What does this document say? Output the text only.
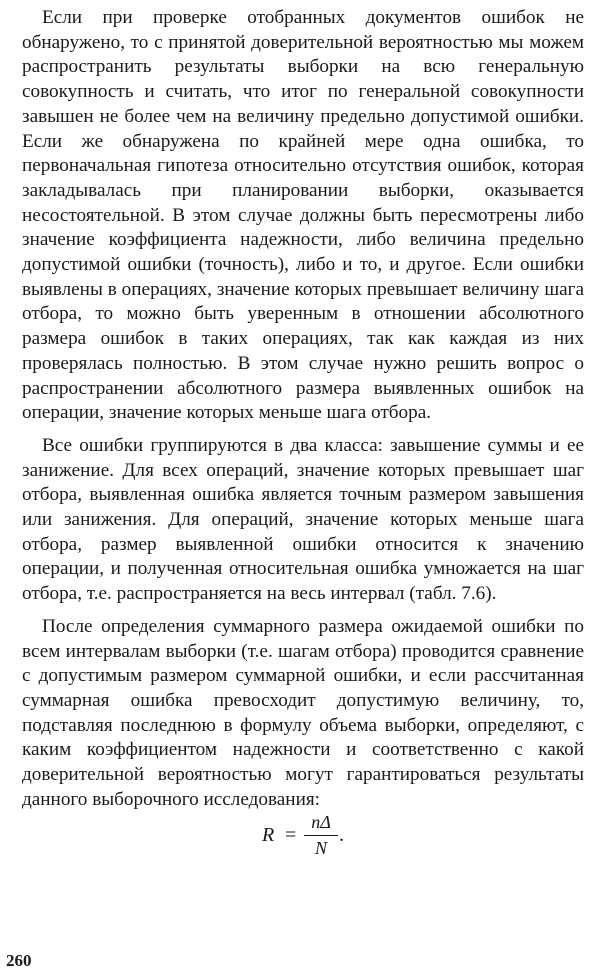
Если при проверке отобранных документов ошибок не обнаружено, то с принятой доверительной вероятностью мы можем распространить результаты выборки на всю генеральную совокупность и считать, что итог по генеральной совокупности завышен не более чем на величину предельно допустимой ошибки. Если же обнаружена по крайней мере одна ошибка, то первоначальная гипотеза относительно отсутствия ошибок, которая закладывалась при планировании выборки, оказывается несостоятельной. В этом случае должны быть пересмотрены либо значение коэффициента надежности, либо величина предельно допустимой ошибки (точность), либо и то, и другое. Если ошибки выявлены в операциях, значение которых превышает величину шага отбора, то можно быть уверенным в отношении абсолютного размера ошибок в таких операциях, так как каждая из них проверялась полностью. В этом случае нужно решить вопрос о распространении абсолютного размера выявленных ошибок на операции, значение которых меньше шага отбора.

Все ошибки группируются в два класса: завышение суммы и ее занижение. Для всех операций, значение которых превышает шаг отбора, выявленная ошибка является точным размером завышения или занижения. Для операций, значение которых меньше шага отбора, размер выявленной ошибки относится к значению операции, и полученная относительная ошибка умножается на шаг отбора, т.е. распространяется на весь интервал (табл. 7.6).

После определения суммарного размера ожидаемой ошибки по всем интервалам выборки (т.е. шагам отбора) проводится сравнение с допустимым размером суммарной ошибки, и если рассчитанная суммарная ошибка превосходит допустимую величину, то, подставляя последнюю в формулу объема выборки, определяют, с каким коэффициентом надежности и соответственно с какой доверительной вероятностью могут гарантироваться результаты данного выборочного исследования:

R =
nΔ
N
.
260
